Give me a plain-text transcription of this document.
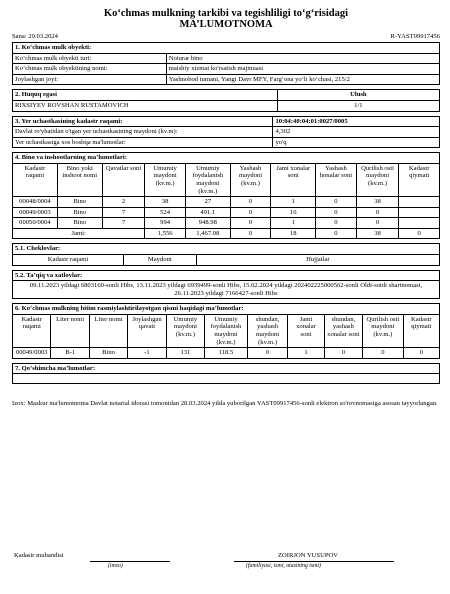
Ko‘chmas mulkning tarkibi va tegishliligi to‘g‘risidagi
MA’LUMOTNOMA
Sana: 29.03.2024	R-YAST09917456
1. Ko‘chmas mulk obyekti:	
Ko‘chmas mulk obyekti turi:	Noturar bino
Ko‘chmas mulk obyektining nomi:	maishiy xizmat ko'rsatish majmuasi
Joylashgan joyi:	Yashnobod tumani, Yangi Davr MFY, Farg‘ona yo‘li ko‘chasi, 215/2
2. Huquq egasi	Ulush
RIXSIYEV ROVSHAN RUSTAMOVICH	1/1
3. Yer uchastkasining kadastr raqami:	10:04:40:04:01:0027/0005
Davlat ro'yhatidan o'tgan yer uchastkasining maydoni (kv.m):	4,302
Yer uchastkasiga xos bosbqa ma'lumotlar:	yo'q
4. Bino va inshootlarning ma’lumotlari:									
Kadastr raqami	Bino yoki inshoot nomi	Qavatlar soni	Umumiy maydoni (kv.m.)	Umumiy foydalanish maydoni (kv.m.)	Yashash maydoni (kv.m.)	Jami xonalar soni	Yashash honalar soni	Qurilish osti maydoni (kv.m.)	Kadastr qiymati
00048/0004	Bino	2	38	27	0	1	0	38	
00049/0003	Bino	7	524	491.1	0	16	0	0	
00050/0004	Bino	7	994	948.98	0	1	0	0	
Jami:			1,556	1,467.08	0	18	0	38	0
5.1. Cheklovlar:
Kadastr raqami	Maydoni	Hujjatlar
5.2. Ta’qiq va xatlovlar:
09.11.2023 yildagi 6803160-sonli Hibs, 13.11.2023 yildagi 6939499-sonli Hibs, 15.02.2024 yildagi 202402225000562-sonli Oldi-sotdi shartnomasi, 26.11.2023 yildagi 7166427-sonli Hibs
6. Ko‘chmas mulkning bitim rasmiylashtirilayotgan qismi haqidagi ma’lumotlar:										
Kadastr raqami	Liter nomi	Liter nomi	Joylashgan qavati	Umumiy maydoni (kv.m.)	Umumiy foydalanish maydoni (kv.m.)	shundan, yashash maydoni (kv.m.)	Jami xonalar soni	shundan, yashash xonalar soni	Qurilish osti maydoni (kv.m.)	Kadastr qiymati
00049/0003	B-1	Bino	-1	131	118.5	0	1	0	0	0
7. Qo‘shimcha ma’lumotlar:

Izox: Mazkur ma'lumotnoma Davlat notarial idorasi tomonidan 28.03.2024 yilda yuborilgan YAST09917456-sonli elektron so'rovnomasiga asosan tayyorlangan.
Kadastr muhandisi	ZOIRJON YUSUPOV
(imzo)	(familiyasi, ismi, otasining ismi)
